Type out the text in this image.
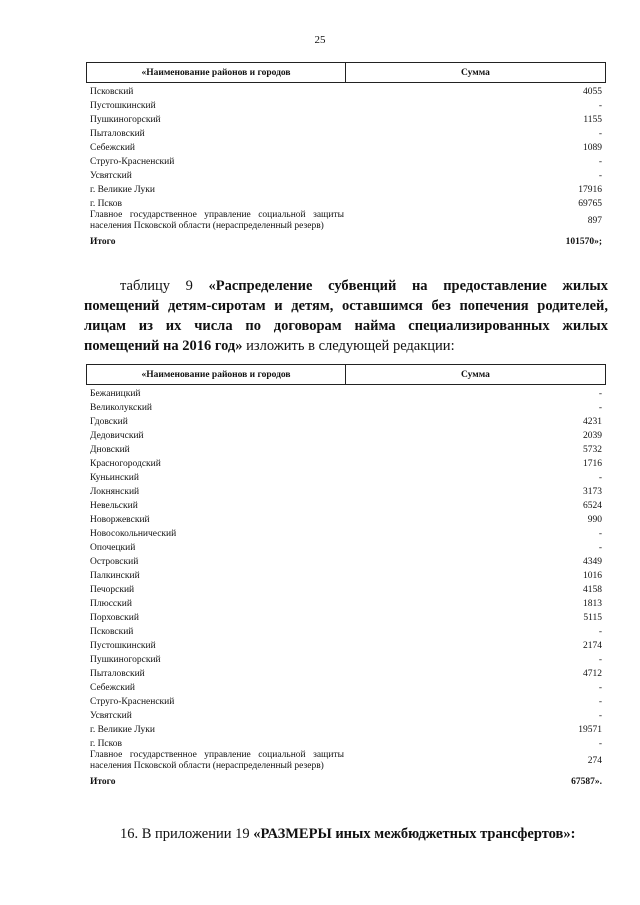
25
«Наименование районов и городов	Сумма
Псковский	4055
Пустошкинский	-
Пушкиногорский	1155
Пыталовский	-
Себежский	1089
Струго-Красненский	-
Усвятский	-
г. Великие Луки	17916
г. Псков	69765
Главное государственное управление социальной защиты населения Псковской области (нераспределенный резерв)	897
Итого	101570»;
таблицу 9 «Распределение субвенций на предоставление жилых помещений детям-сиротам и детям, оставшимся без попечения родителей, лицам из их числа по договорам найма специализированных жилых помещений на 2016 год» изложить в следующей редакции:
«Наименование районов и городов	Сумма
Бежаницкий	-
Великолукский	-
Гдовский	4231
Дедовичский	2039
Дновский	5732
Красногородский	1716
Куньинский	-
Локнянский	3173
Невельский	6524
Новоржевский	990
Новосокольнический	-
Опочецкий	-
Островский	4349
Палкинский	1016
Печорский	4158
Плюсский	1813
Порховский	5115
Псковский	-
Пустошкинский	2174
Пушкиногорский	-
Пыталовский	4712
Себежский	-
Струго-Красненский	-
Усвятский	-
г. Великие Луки	19571
г. Псков	-
Главное государственное управление социальной защиты населения Псковской области (нераспределенный резерв)	274
Итого	67587».
16. В приложении 19 «РАЗМЕРЫ иных межбюджетных трансфертов»:
